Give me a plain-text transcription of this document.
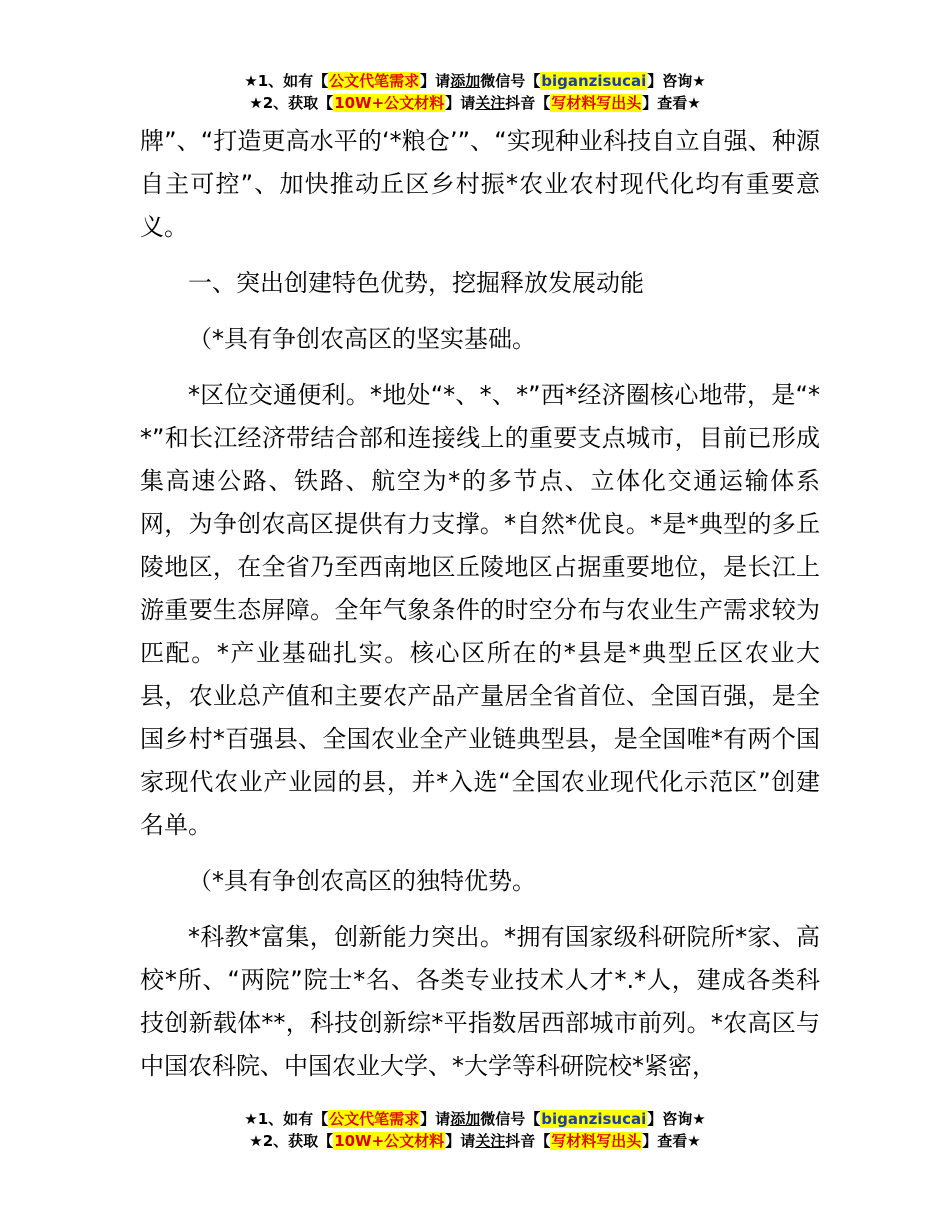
★1、如有【公文代笔需求】请添加微信号【biganzisucai】咨询★
★2、获取【10W+公文材料】请关注抖音【写材料写出头】查看★

牌”、“打造更高水平的‘*粮仓’”、“实现种业科技自立自强、种源自主可控”、加快推动丘区乡村振*农业农村现代化均有重要意义。

一、突出创建特色优势，挖掘释放发展动能

（*具有争创农高区的坚实基础。

*区位交通便利。*地处“*、*、*”西*经济圈核心地带，是“**”和长江经济带结合部和连接线上的重要支点城市，目前已形成集高速公路、铁路、航空为*的多节点、立体化交通运输体系网，为争创农高区提供有力支撑。*自然*优良。*是*典型的多丘陵地区，在全省乃至西南地区丘陵地区占据重要地位，是长江上游重要生态屏障。全年气象条件的时空分布与农业生产需求较为匹配。*产业基础扎实。核心区所在的*县是*典型丘区农业大县，农业总产值和主要农产品产量居全省首位、全国百强，是全国乡村*百强县、全国农业全产业链典型县，是全国唯*有两个国家现代农业产业园的县，并*入选“全国农业现代化示范区”创建名单。

（*具有争创农高区的独特优势。

*科教*富集，创新能力突出。*拥有国家级科研院所*家、高校*所、“两院”院士*名、各类专业技术人才*.*人，建成各类科技创新载体**，科技创新综*平指数居西部城市前列。*农高区与中国农科院、中国农业大学、*大学等科研院校*紧密，

★1、如有【公文代笔需求】请添加微信号【biganzisucai】咨询★
★2、获取【10W+公文材料】请关注抖音【写材料写出头】查看★
